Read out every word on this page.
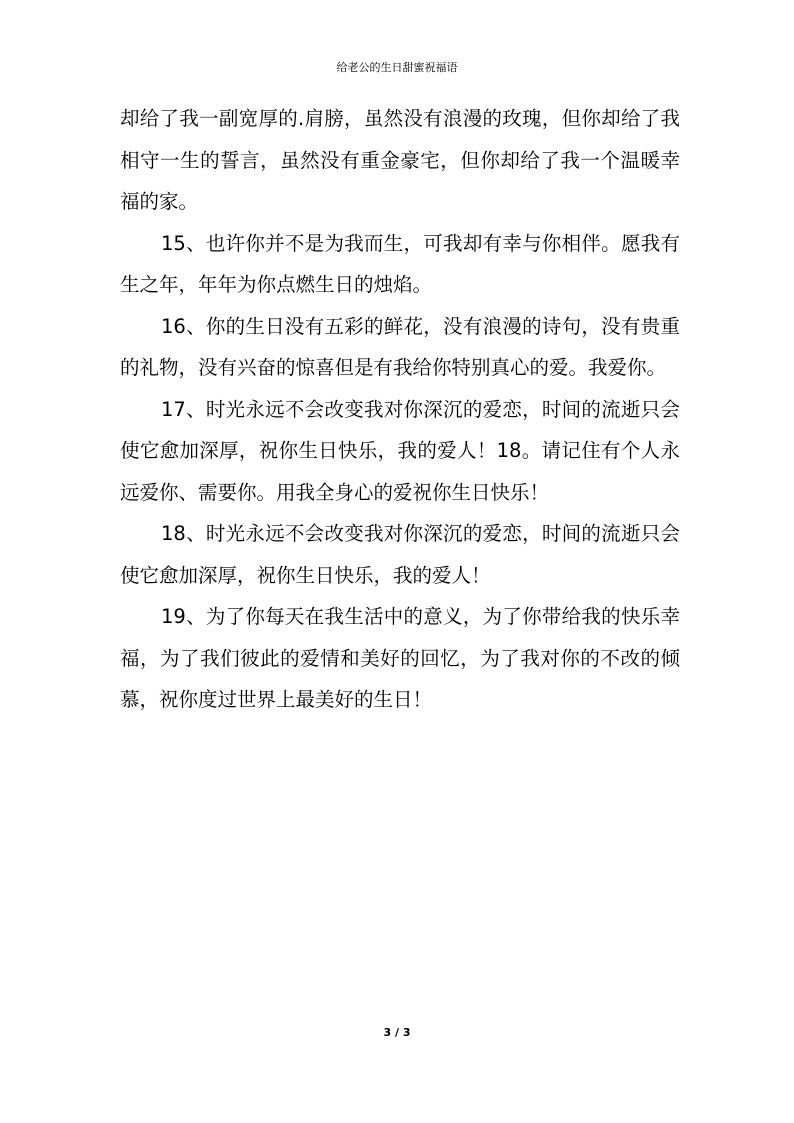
给老公的生日甜蜜祝福语

却给了我一副宽厚的.肩膀，虽然没有浪漫的玫瑰，但你却给了我相守一生的誓言，虽然没有重金豪宅，但你却给了我一个温暖幸福的家。

15、也许你并不是为我而生，可我却有幸与你相伴。愿我有生之年，年年为你点燃生日的烛焰。

16、你的生日没有五彩的鲜花，没有浪漫的诗句，没有贵重的礼物，没有兴奋的惊喜但是有我给你特别真心的爱。我爱你。

17、时光永远不会改变我对你深沉的爱恋，时间的流逝只会使它愈加深厚，祝你生日快乐，我的爱人！18。请记住有个人永远爱你、需要你。用我全身心的爱祝你生日快乐！

18、时光永远不会改变我对你深沉的爱恋，时间的流逝只会使它愈加深厚，祝你生日快乐，我的爱人！

19、为了你每天在我生活中的意义，为了你带给我的快乐幸福，为了我们彼此的爱情和美好的回忆，为了我对你的不改的倾慕，祝你度过世界上最美好的生日！

3 / 3
